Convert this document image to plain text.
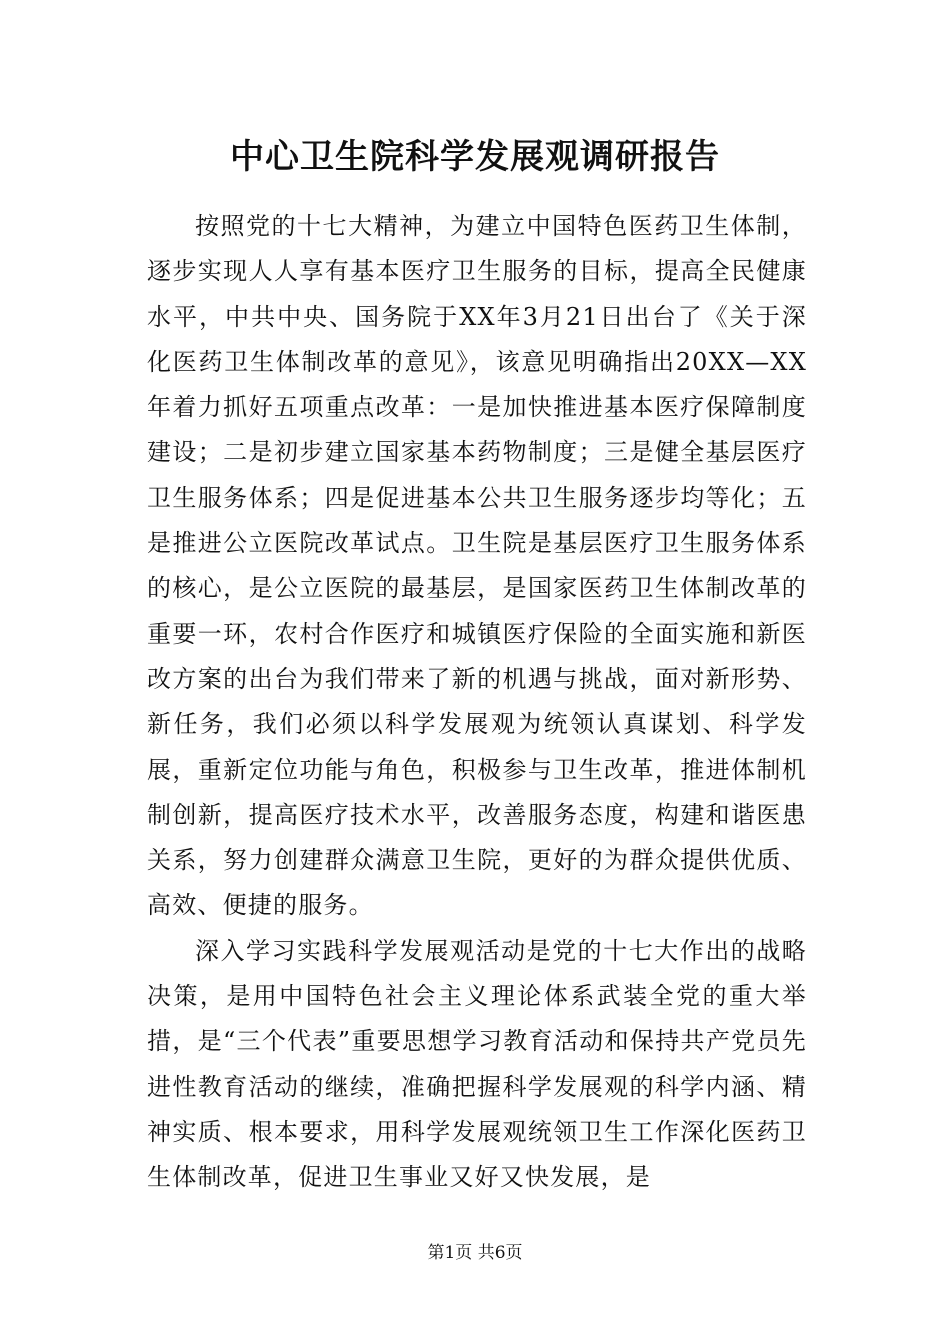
中心卫生院科学发展观调研报告

按照党的十七大精神，为建立中国特色医药卫生体制，逐步实现人人享有基本医疗卫生服务的目标，提高全民健康水平，中共中央、国务院于XX年3月21日出台了《关于深化医药卫生体制改革的意见》，该意见明确指出20XX—XX年着力抓好五项重点改革：一是加快推进基本医疗保障制度建设；二是初步建立国家基本药物制度；三是健全基层医疗卫生服务体系；四是促进基本公共卫生服务逐步均等化；五是推进公立医院改革试点。卫生院是基层医疗卫生服务体系的核心，是公立医院的最基层，是国家医药卫生体制改革的重要一环，农村合作医疗和城镇医疗保险的全面实施和新医改方案的出台为我们带来了新的机遇与挑战，面对新形势、新任务，我们必须以科学发展观为统领认真谋划、科学发展，重新定位功能与角色，积极参与卫生改革，推进体制机制创新，提高医疗技术水平，改善服务态度，构建和谐医患关系，努力创建群众满意卫生院，更好的为群众提供优质、高效、便捷的服务。

深入学习实践科学发展观活动是党的十七大作出的战略决策，是用中国特色社会主义理论体系武装全党的重大举措，是“三个代表”重要思想学习教育活动和保持共产党员先进性教育活动的继续，准确把握科学发展观的科学内涵、精神实质、根本要求，用科学发展观统领卫生工作深化医药卫生体制改革，促进卫生事业又好又快发展，是

第1页 共6页
